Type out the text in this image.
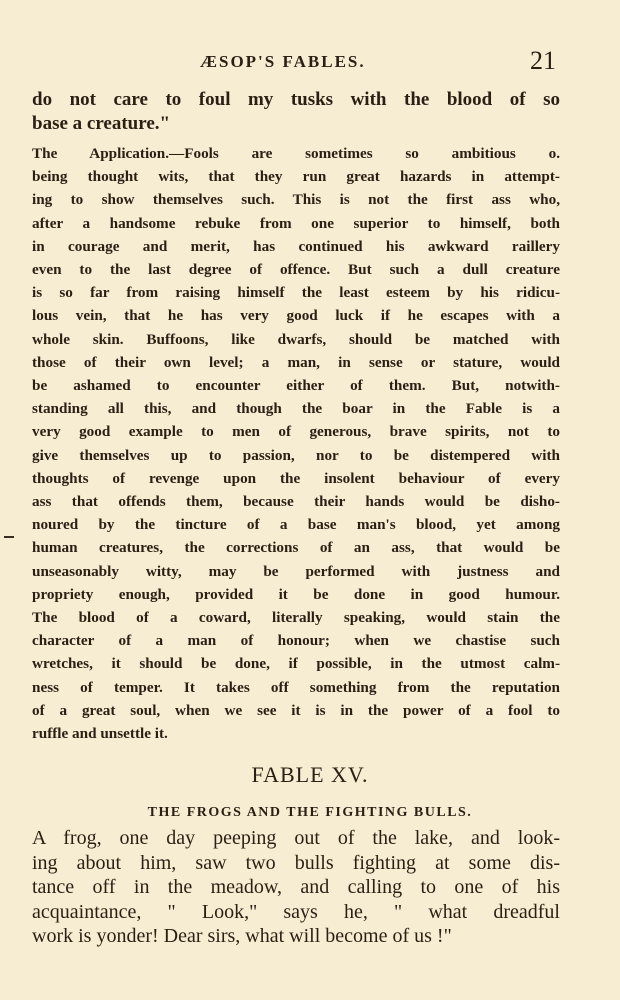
ÆSOP'S FABLES.	21
do not care to foul my tusks with the blood of so
base a creature."
The Application.—Fools are sometimes so ambitious o.
being thought wits, that they run great hazards in attempt-
ing to show themselves such. This is not the first ass who,
after a handsome rebuke from one superior to himself, both
in courage and merit, has continued his awkward raillery
even to the last degree of offence. But such a dull creature
is so far from raising himself the least esteem by his ridicu-
lous vein, that he has very good luck if he escapes with a
whole skin. Buffoons, like dwarfs, should be matched with
those of their own level; a man, in sense or stature, would
be ashamed to encounter either of them. But, notwith-
standing all this, and though the boar in the Fable is a
very good example to men of generous, brave spirits, not to
give themselves up to passion, nor to be distempered with
thoughts of revenge upon the insolent behaviour of every
ass that offends them, because their hands would be disho-
noured by the tincture of a base man's blood, yet among
human creatures, the corrections of an ass, that would be
unseasonably witty, may be performed with justness and
propriety enough, provided it be done in good humour.
The blood of a coward, literally speaking, would stain the
character of a man of honour; when we chastise such
wretches, it should be done, if possible, in the utmost calm-
ness of temper. It takes off something from the reputation
of a great soul, when we see it is in the power of a fool to
ruffle and unsettle it.
FABLE XV.
THE FROGS AND THE FIGHTING BULLS.
A frog, one day peeping out of the lake, and look-
ing about him, saw two bulls fighting at some dis-
tance off in the meadow, and calling to one of his
acquaintance, " Look," says he, " what dreadful
work is yonder! Dear sirs, what will become of us !"
